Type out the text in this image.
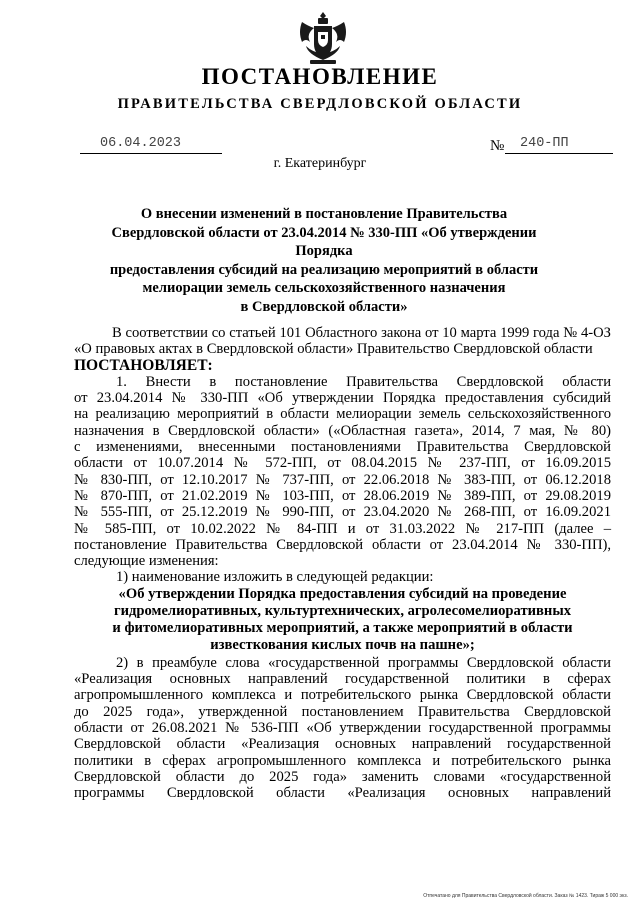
ПОСТАНОВЛЕНИЕ
ПРАВИТЕЛЬСТВА СВЕРДЛОВСКОЙ ОБЛАСТИ
06.04.2023	№ 240-ПП
г. Екатеринбург
О внесении изменений в постановление Правительства
Свердловской области от 23.04.2014 № 330-ПП «Об утверждении Порядка
предоставления субсидий на реализацию мероприятий в области
мелиорации земель сельскохозяйственного назначения
в Свердловской области»

В соответствии со статьей 101 Областного закона от 10 марта 1999 года № 4-ОЗ «О правовых актах в Свердловской области» Правительство Свердловской области

ПОСТАНОВЛЯЕТ:

1. Внести в постановление Правительства Свердловской области
от 23.04.2014 № 330-ПП «Об утверждении Порядка предоставления субсидий
на реализацию мероприятий в области мелиорации земель сельскохозяйственного
назначения в Свердловской области» («Областная газета», 2014, 7 мая, № 80)
с изменениями, внесенными постановлениями Правительства Свердловской
области от 10.07.2014 № 572-ПП, от 08.04.2015 № 237-ПП, от 16.09.2015
№ 830-ПП, от 12.10.2017 № 737-ПП, от 22.06.2018 № 383-ПП, от 06.12.2018
№ 870-ПП, от 21.02.2019 № 103-ПП, от 28.06.2019 № 389-ПП, от 29.08.2019
№ 555-ПП, от 25.12.2019 № 990-ПП, от 23.04.2020 № 268-ПП, от 16.09.2021
№ 585-ПП, от 10.02.2022 № 84-ПП и от 31.03.2022 № 217-ПП (далее –
постановление Правительства Свердловской области от 23.04.2014 № 330-ПП),
следующие изменения:

1) наименование изложить в следующей редакции:

«Об утверждении Порядка предоставления субсидий на проведение
гидромелиоративных, культуртехнических, агролесомелиоративных
и фитомелиоративных мероприятий, а также мероприятий в области
известкования кислых почв на пашне»;
2) в преамбуле слова «государственной программы Свердловской области
«Реализация основных направлений государственной политики в сферах
агропромышленного комплекса и потребительского рынка Свердловской области
до 2025 года», утвержденной постановлением Правительства Свердловской
области от 26.08.2021 № 536-ПП «Об утверждении государственной программы
Свердловской области «Реализация основных направлений государственной
политики в сферах агропромышленного комплекса и потребительского рынка
Свердловской области до 2025 года» заменить словами «государственной
программы Свердловской области «Реализация основных направлений
Отпечатано для Правительства Свердловской области. Заказ № 1423. Тираж 5 000 экз.
